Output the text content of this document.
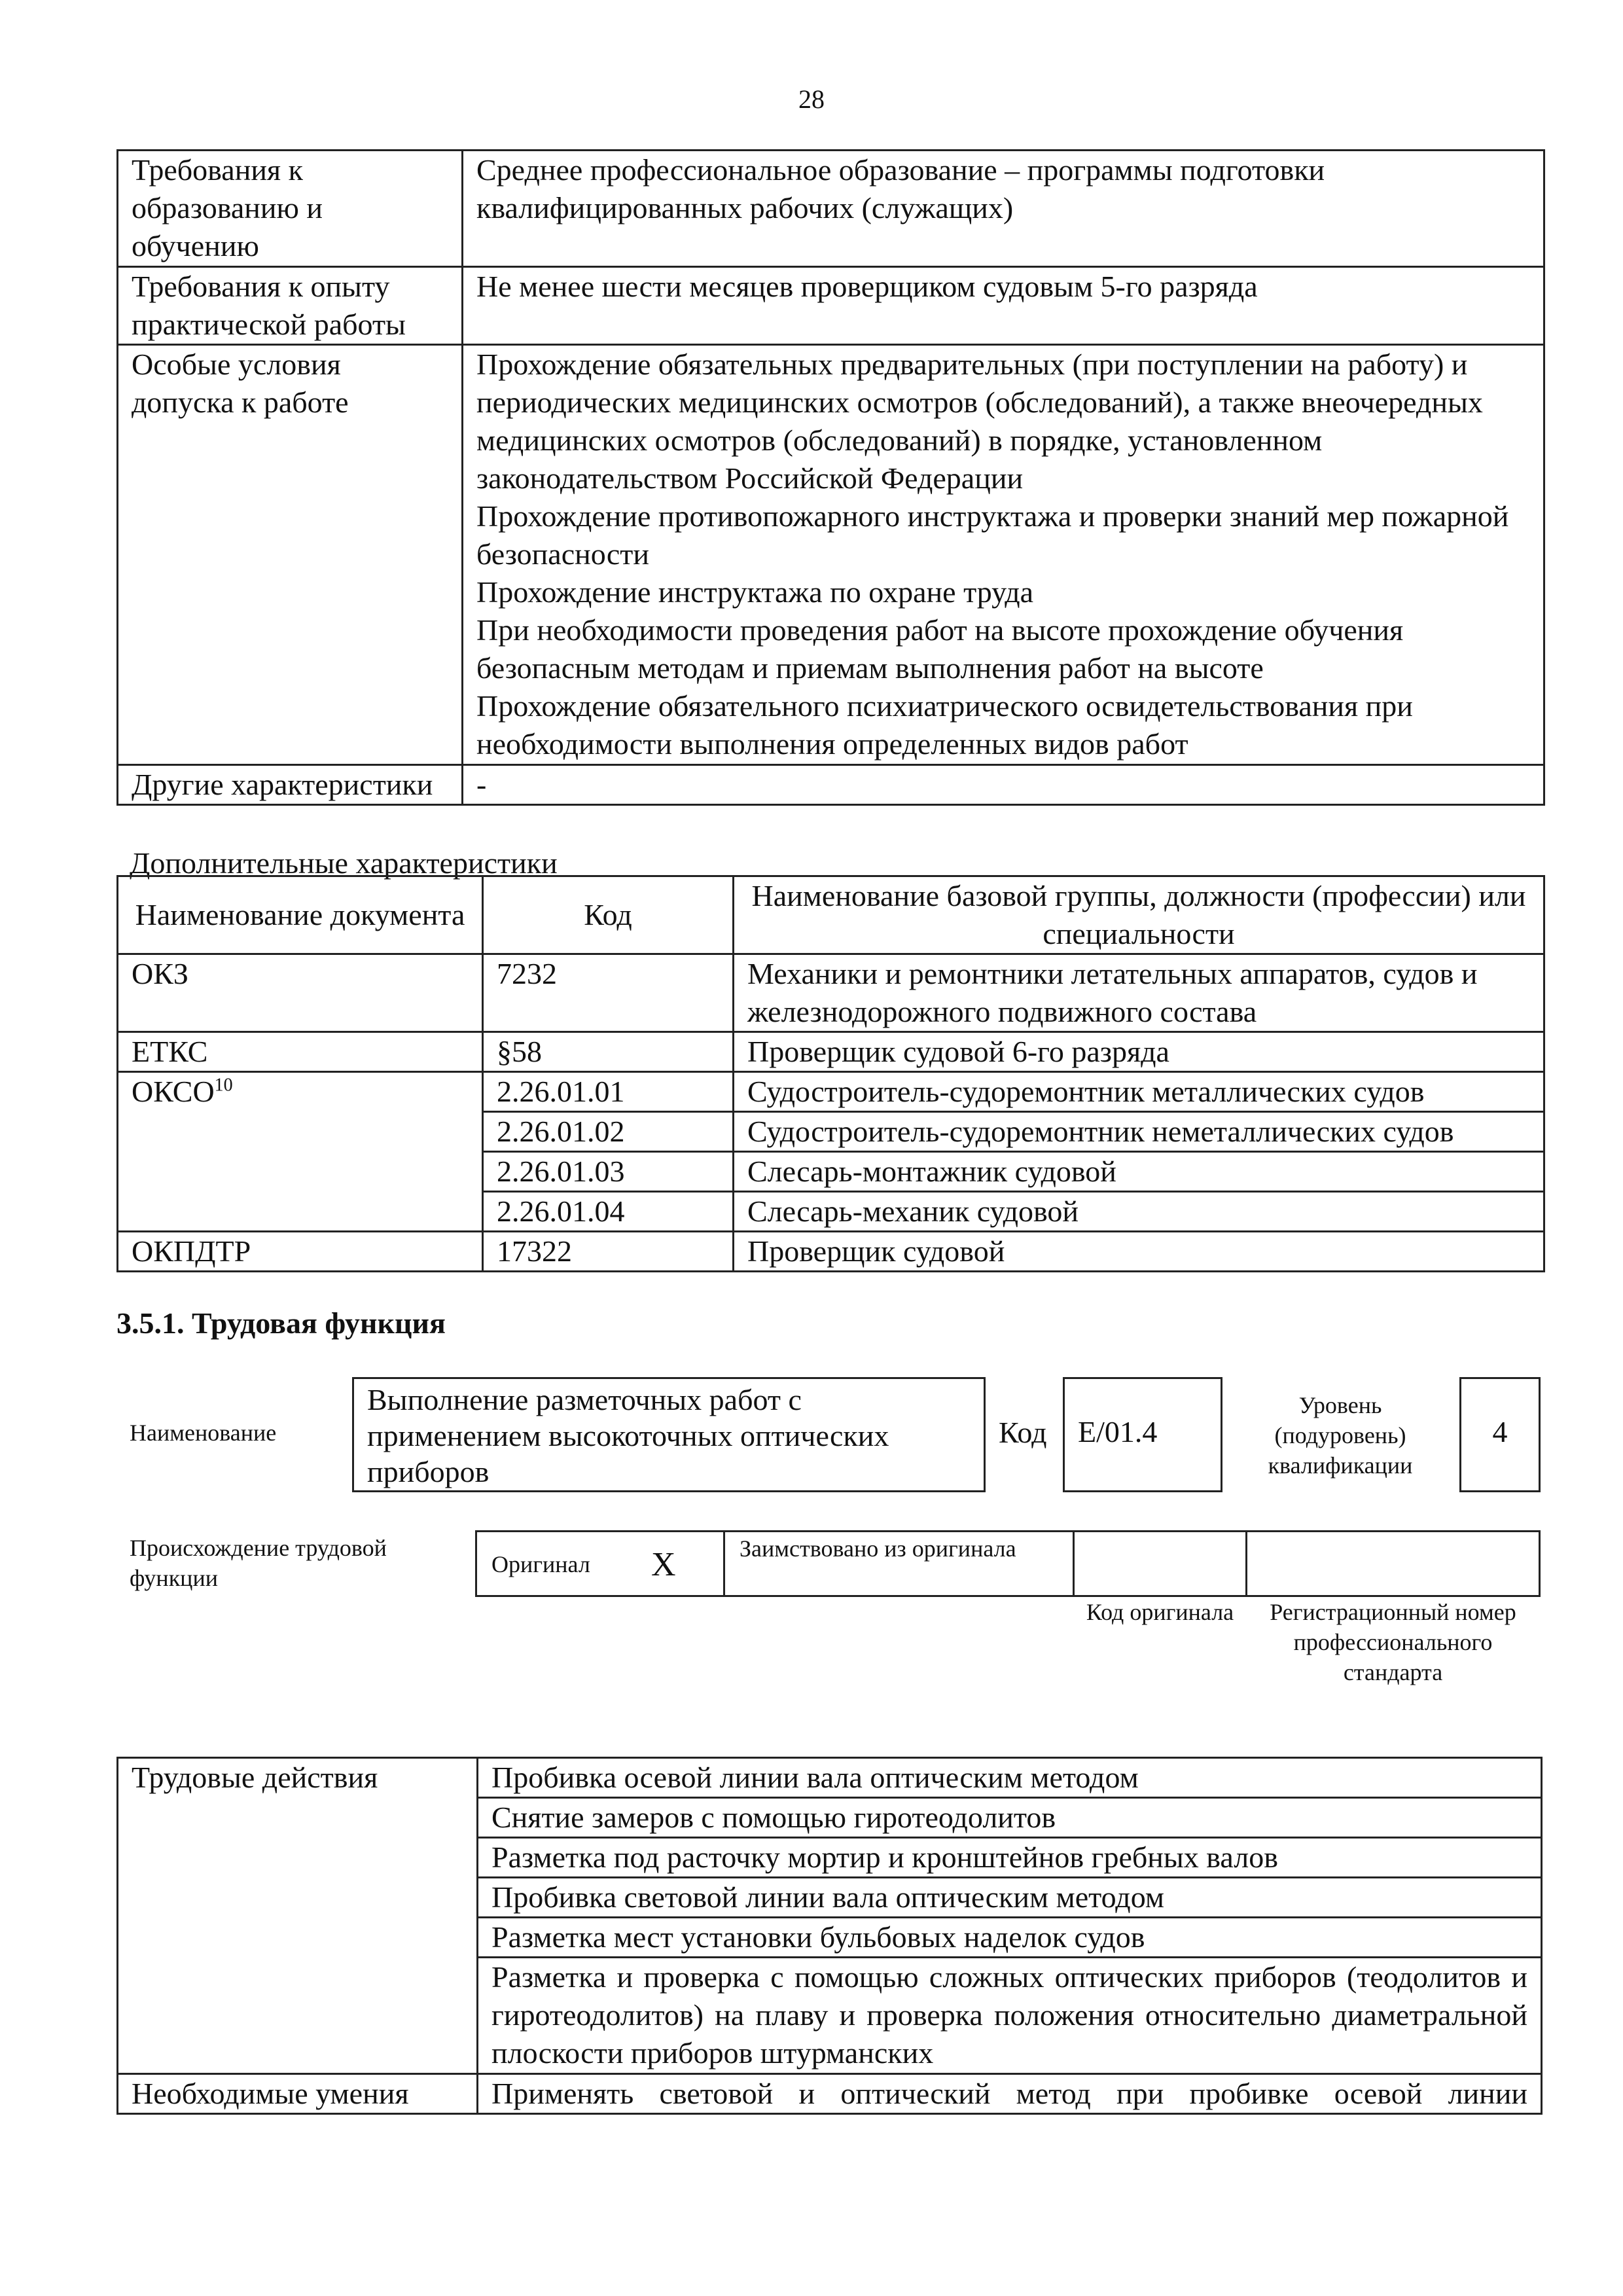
28
Требования к образованию и обучению	Среднее профессиональное образование – программы подготовки квалифицированных рабочих (служащих)
Требования к опыту практической работы	Не менее шести месяцев проверщиком судовым 5-го разряда
Особые условия допуска к работе	Прохождение обязательных предварительных (при поступлении на работу) и периодических медицинских осмотров (обследований), а также внеочередных медицинских осмотров (обследований) в порядке, установленном законодательством Российской Федерации
Прохождение противопожарного инструктажа и проверки знаний мер пожарной безопасности
Прохождение инструктажа по охране труда
При необходимости проведения работ на высоте прохождение обучения безопасным методам и приемам выполнения работ на высоте
Прохождение обязательного психиатрического освидетельствования при необходимости выполнения определенных видов работ

Другие характеристики	-
Дополнительные характеристики
Наименование документа	Код	Наименование базовой группы, должности (профессии) или специальности
ОКЗ	7232	Механики и ремонтники летательных аппаратов, судов и железнодорожного подвижного состава
ЕТКС	§58	Проверщик судовой 6-го разряда
ОКСО$^{10}$	2.26.01.01	Судостроитель-судоремонтник металлических судов
	2.26.01.02	Судостроитель-судоремонтник неметаллических судов
	2.26.01.03	Слесарь-монтажник судовой
	2.26.01.04	Слесарь-механик судовой
ОКПДТР	17322	Проверщик судовой
3.5.1. Трудовая функция
Наименование
Выполнение разметочных работ с применением высокоточных оптических приборов
Код	E/01.4
Уровень (подуровень) квалификации
4
Происхождение трудовой функции
Оригинал X	Заимствовано из оригинала
Код оригинала	Регистрационный номер профессионального стандарта
Трудовые действия	Пробивка осевой линии вала оптическим методом
	Снятие замеров с помощью гиротеодолитов
	Разметка под расточку мортир и кронштейнов гребных валов
	Пробивка световой линии вала оптическим методом
	Разметка мест установки бульбовых наделок судов
	Разметка и проверка с помощью сложных оптических приборов (теодолитов и гиротеодолитов) на плаву и проверка положения относительно диаметральной плоскости приборов штурманских
Необходимые умения	Применять световой и оптический метод при пробивке осевой линии
